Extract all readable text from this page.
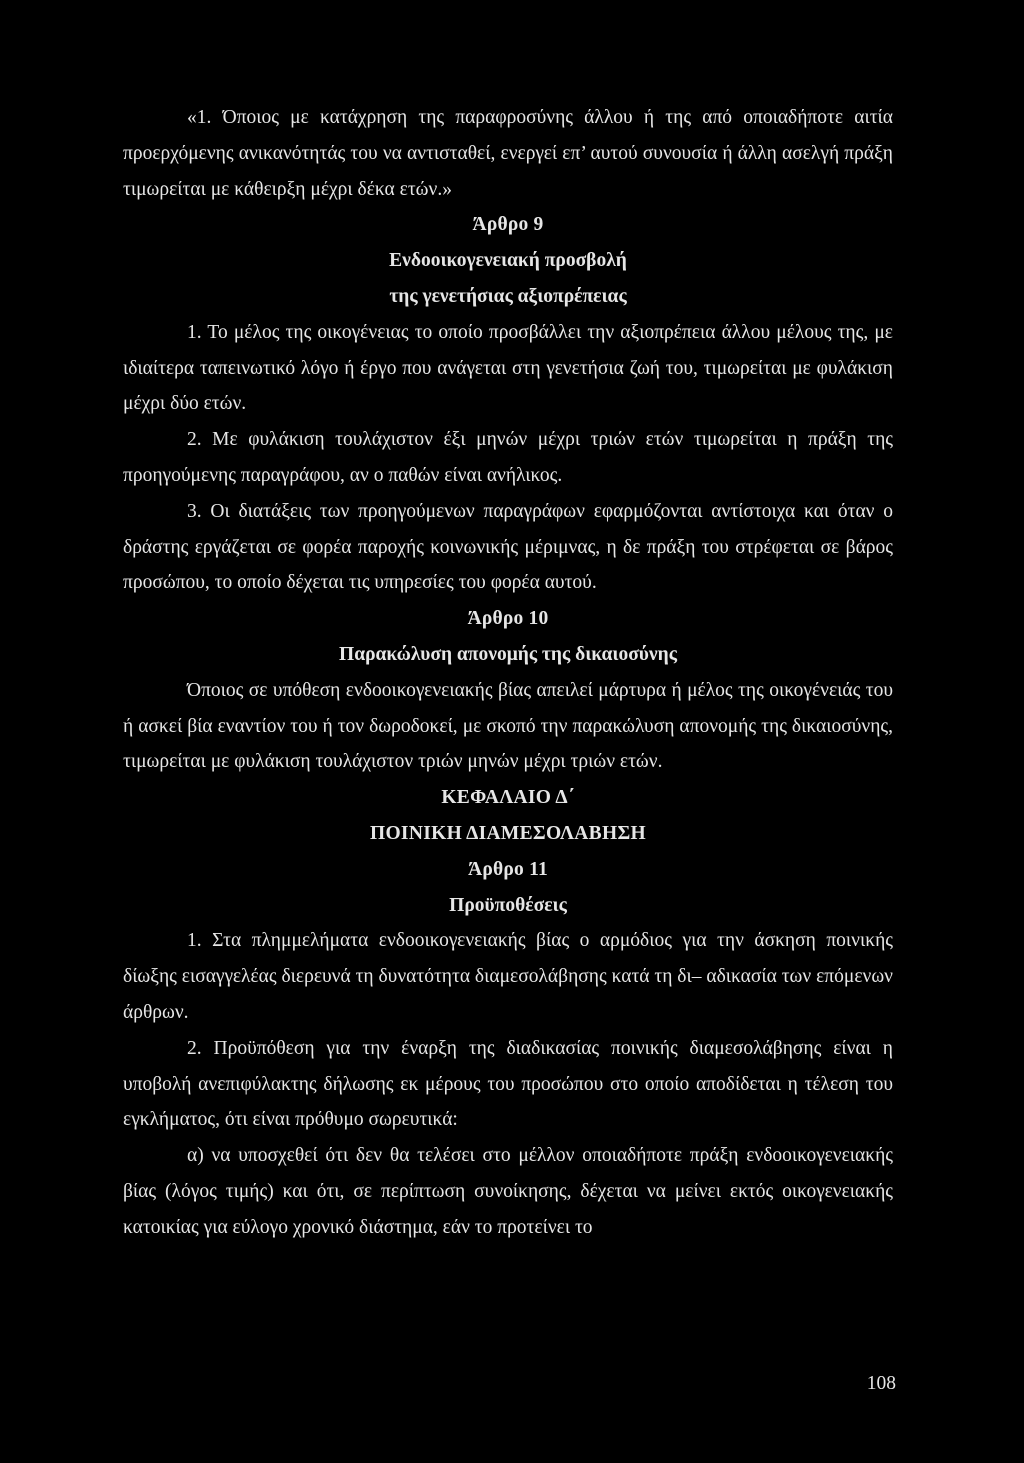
«1. Όποιος με κατάχρηση της παραφροσύνης άλλου ή της από οποιαδήποτε αιτία προερχόμενης ανικανότητάς του να αντισταθεί, ενεργεί επ’ αυτού συνουσία ή άλλη ασελγή πράξη τιμωρείται με κάθειρξη μέχρι δέκα ετών.»

Άρθρο 9

Ενδοοικογενειακή προσβολή

της γενετήσιας αξιοπρέπειας

1. Το μέλος της οικογένειας το οποίο προσβάλλει την αξιοπρέπεια άλλου μέλους της, με ιδιαίτερα ταπεινωτικό λόγο ή έργο που ανάγεται στη γενετήσια ζωή του, τιμωρείται με φυλάκιση μέχρι δύο ετών.

2. Με φυλάκιση τουλάχιστον έξι μηνών μέχρι τριών ετών τιμωρείται η πράξη της προηγούμενης παραγράφου, αν ο παθών είναι ανήλικος.

3. Οι διατάξεις των προηγούμενων παραγράφων εφαρμόζονται αντίστοιχα και όταν ο δράστης εργάζεται σε φορέα παροχής κοινωνικής μέριμνας, η δε πράξη του στρέφεται σε βάρος προσώπου, το οποίο δέχεται τις υπηρεσίες του φορέα αυτού.

Άρθρο 10

Παρακώλυση απονομής της δικαιοσύνης

Όποιος σε υπόθεση ενδοοικογενειακής βίας απειλεί μάρτυρα ή μέλος της οικογένειάς του ή ασκεί βία εναντίον του ή τον δωροδοκεί, με σκοπό την παρακώλυση απονομής της δικαιοσύνης, τιμωρείται με φυλάκιση τουλάχιστον τριών μηνών μέχρι τριών ετών.

ΚΕΦΑΛΑΙΟ Δ΄

ΠΟΙΝΙΚΗ ΔΙΑΜΕΣΟΛΑΒΗΣΗ

Άρθρο 11

Προϋποθέσεις

1. Στα πλημμελήματα ενδοοικογενειακής βίας ο αρμόδιος για την άσκηση ποινικής δίωξης εισαγγελέας διερευνά τη δυνατότητα διαμεσολάβησης κατά τη δι– αδικασία των επόμενων άρθρων.

2. Προϋπόθεση για την έναρξη της διαδικασίας ποινικής διαμεσολάβησης είναι η υποβολή ανεπιφύλακτης δήλωσης εκ μέρους του προσώπου στο οποίο αποδίδεται η τέλεση του εγκλήματος, ότι είναι πρόθυμο σωρευτικά:

α) να υποσχεθεί ότι δεν θα τελέσει στο μέλλον οποιαδήποτε πράξη ενδοοικογενειακής βίας (λόγος τιμής) και ότι, σε περίπτωση συνοίκησης, δέχεται να μείνει εκτός οικογενειακής κατοικίας για εύλογο χρονικό διάστημα, εάν το προτείνει το

108
